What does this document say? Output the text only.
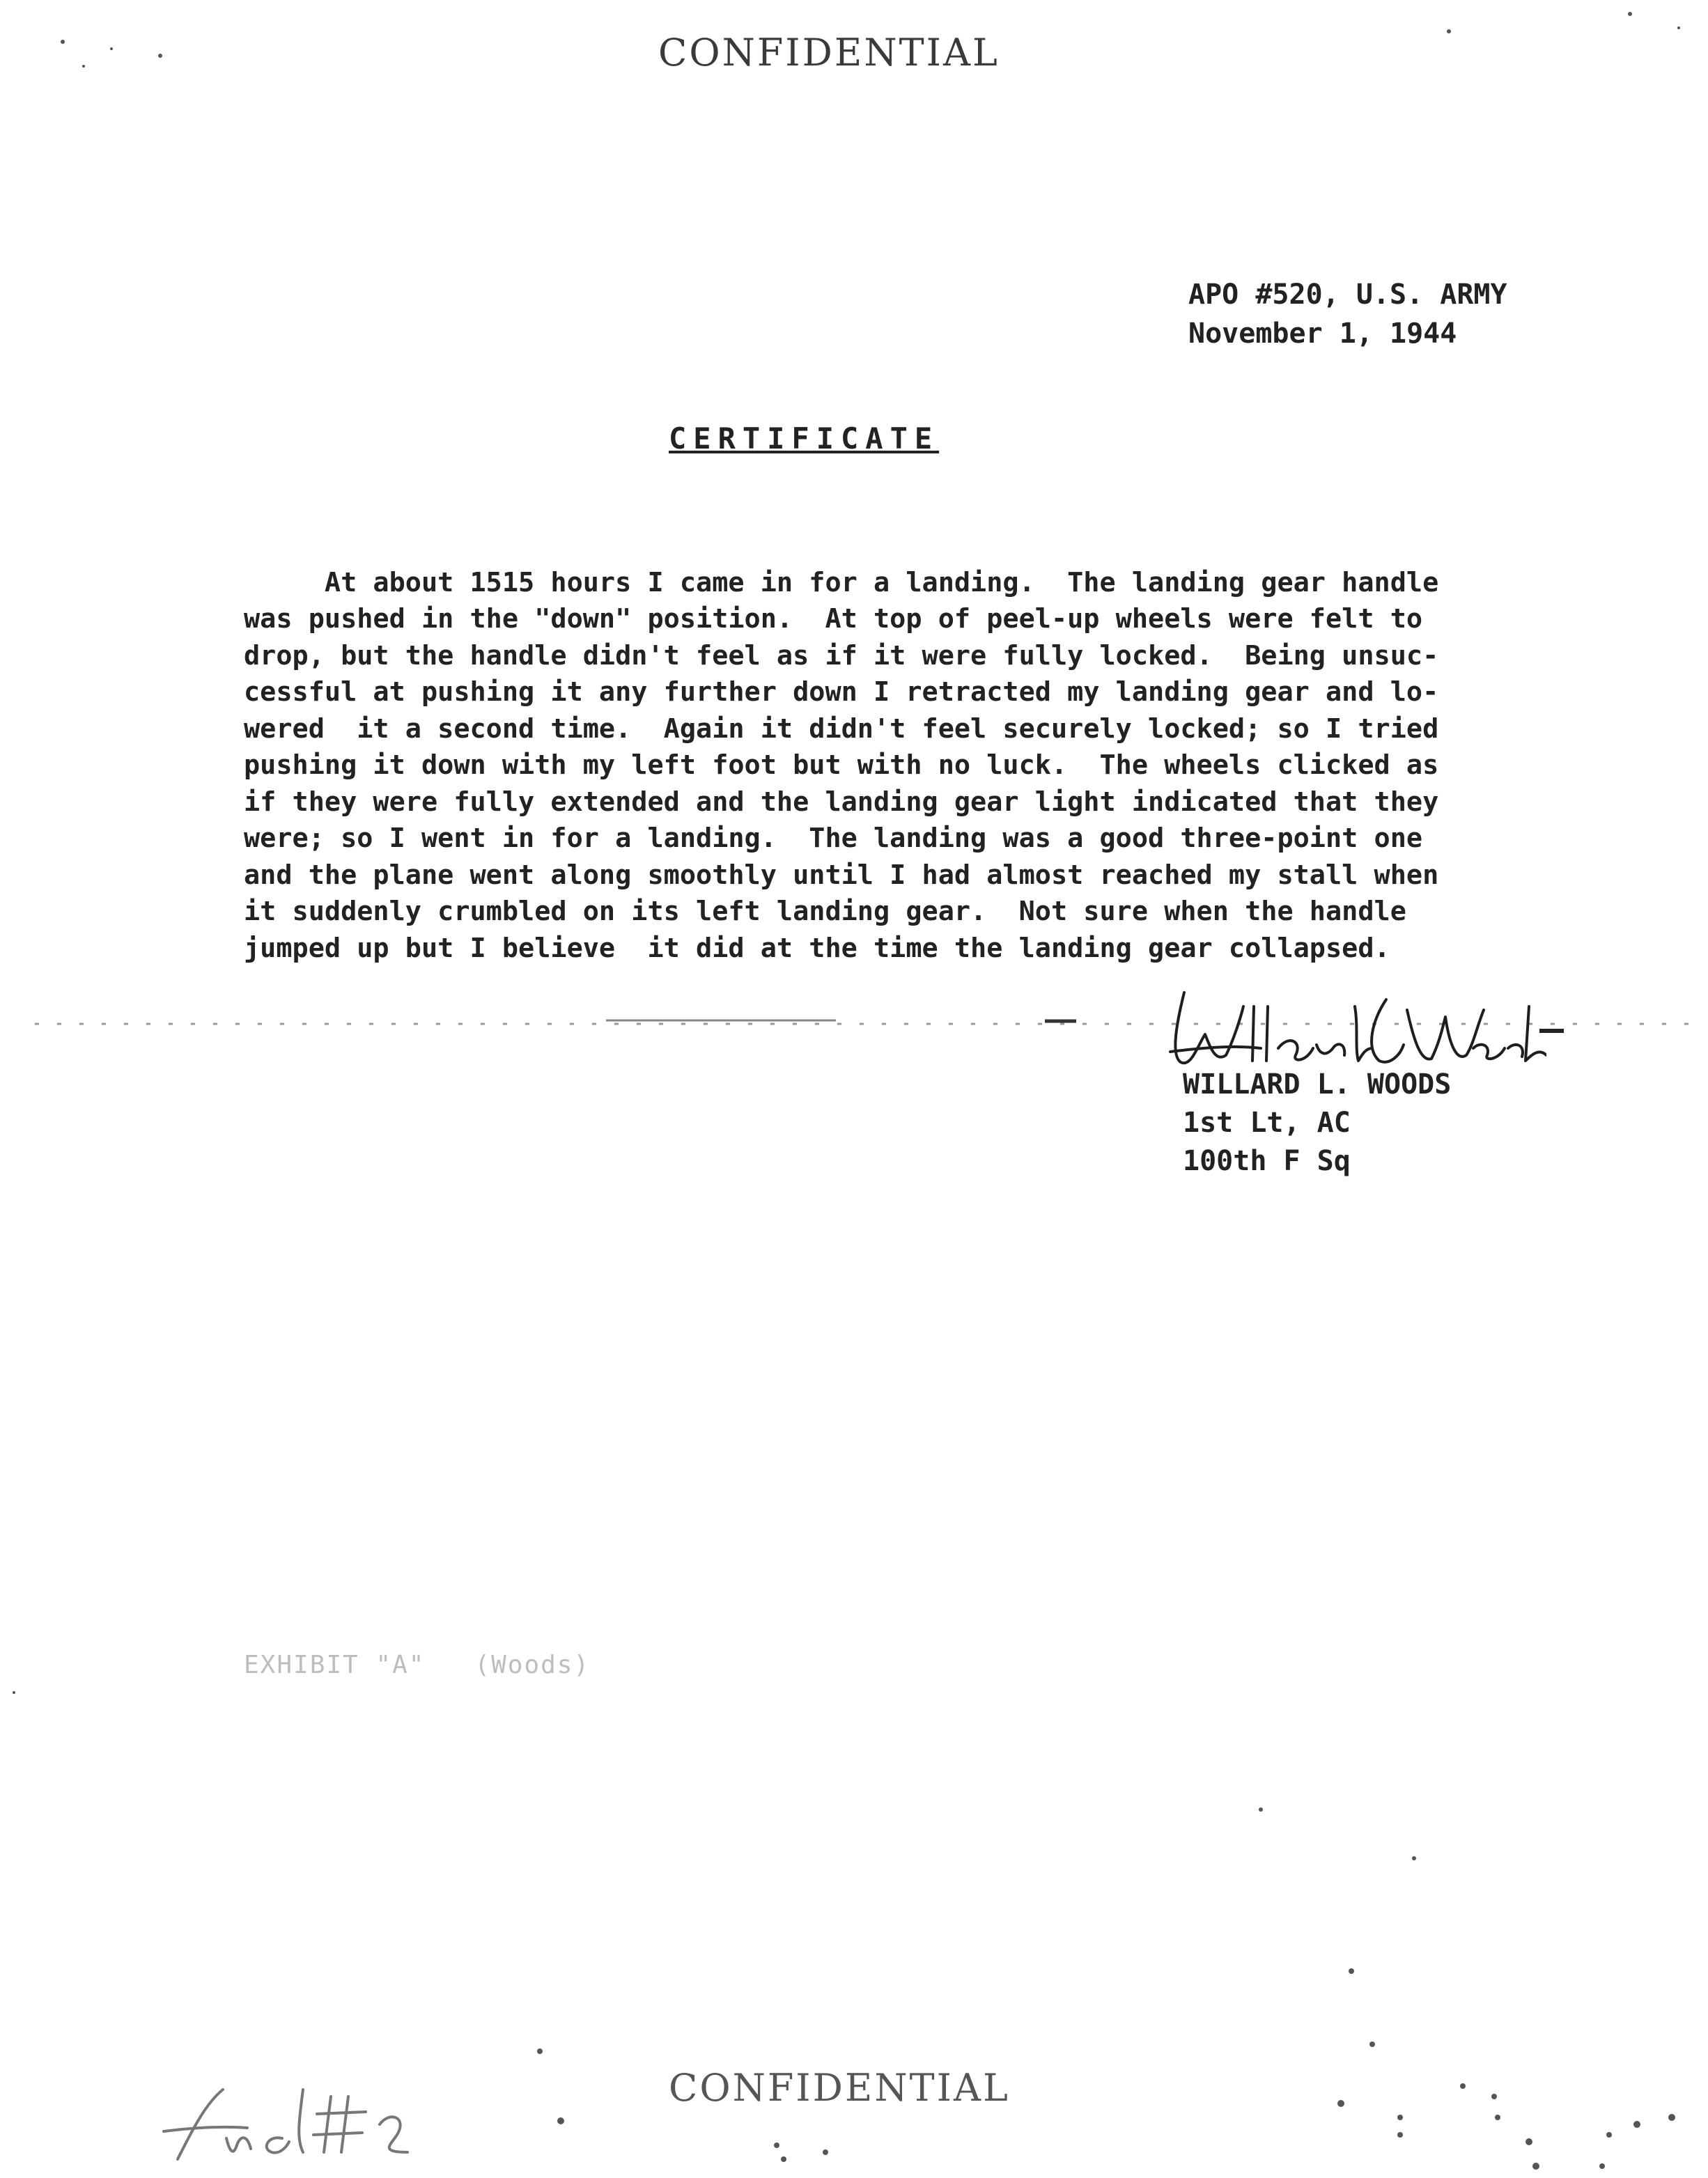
CONFIDENTIAL
APO #520, U.S. ARMY
November 1, 1944
CERTIFICATE

At about 1515 hours I came in for a landing.  The landing gear handle
was pushed in the "down" position.  At top of peel-up wheels were felt to
drop, but the handle didn't feel as if it were fully locked.  Being unsuc-
cessful at pushing it any further down I retracted my landing gear and lo-
wered  it a second time.  Again it didn't feel securely locked; so I tried
pushing it down with my left foot but with no luck.  The wheels clicked as
if they were fully extended and the landing gear light indicated that they
were; so I went in for a landing.  The landing was a good three-point one
and the plane went along smoothly until I had almost reached my stall when
it suddenly crumbled on its left landing gear.  Not sure when the handle
jumped up but I believe  it did at the time the landing gear collapsed.
WILLARD L. WOODS
1st Lt, AC
100th F Sq
EXHIBIT "A"   (Woods)
CONFIDENTIAL
